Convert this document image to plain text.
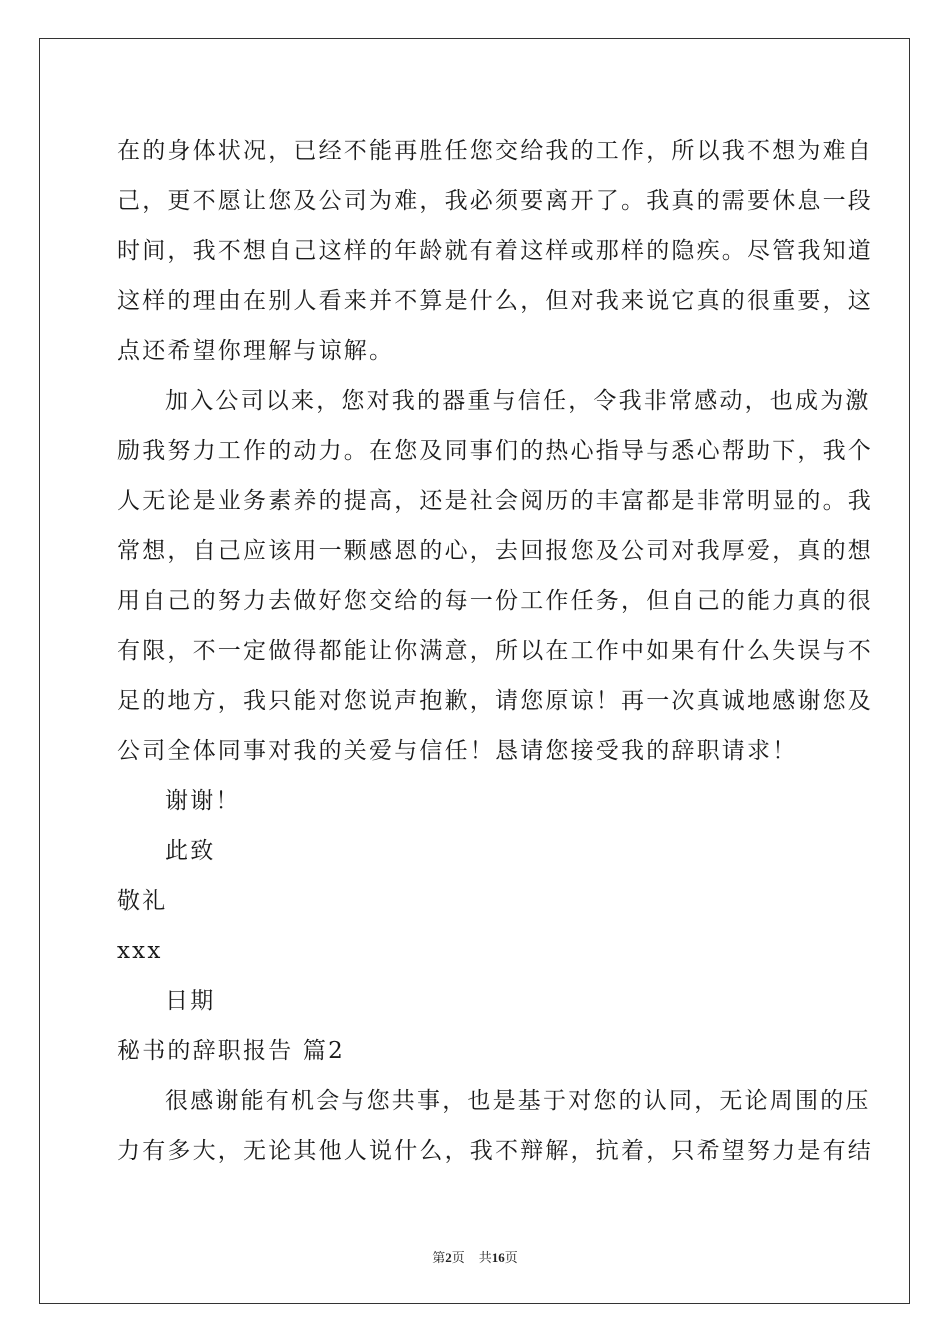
在的身体状况，已经不能再胜任您交给我的工作，所以我不想为难自
己，更不愿让您及公司为难，我必须要离开了。我真的需要休息一段
时间，我不想自己这样的年龄就有着这样或那样的隐疾。尽管我知道
这样的理由在别人看来并不算是什么，但对我来说它真的很重要，这
点还希望你理解与谅解。
加入公司以来，您对我的器重与信任，令我非常感动，也成为激
励我努力工作的动力。在您及同事们的热心指导与悉心帮助下，我个
人无论是业务素养的提高，还是社会阅历的丰富都是非常明显的。我
常想，自己应该用一颗感恩的心，去回报您及公司对我厚爱，真的想
用自己的努力去做好您交给的每一份工作任务，但自己的能力真的很
有限，不一定做得都能让你满意，所以在工作中如果有什么失误与不
足的地方，我只能对您说声抱歉，请您原谅！再一次真诚地感谢您及
公司全体同事对我的关爱与信任！恳请您接受我的辞职请求！
谢谢！
此致
敬礼
xxx
日期
秘书的辞职报告 篇2
很感谢能有机会与您共事，也是基于对您的认同，无论周围的压
力有多大，无论其他人说什么，我不辩解，抗着，只希望努力是有结
第2页 共16页
